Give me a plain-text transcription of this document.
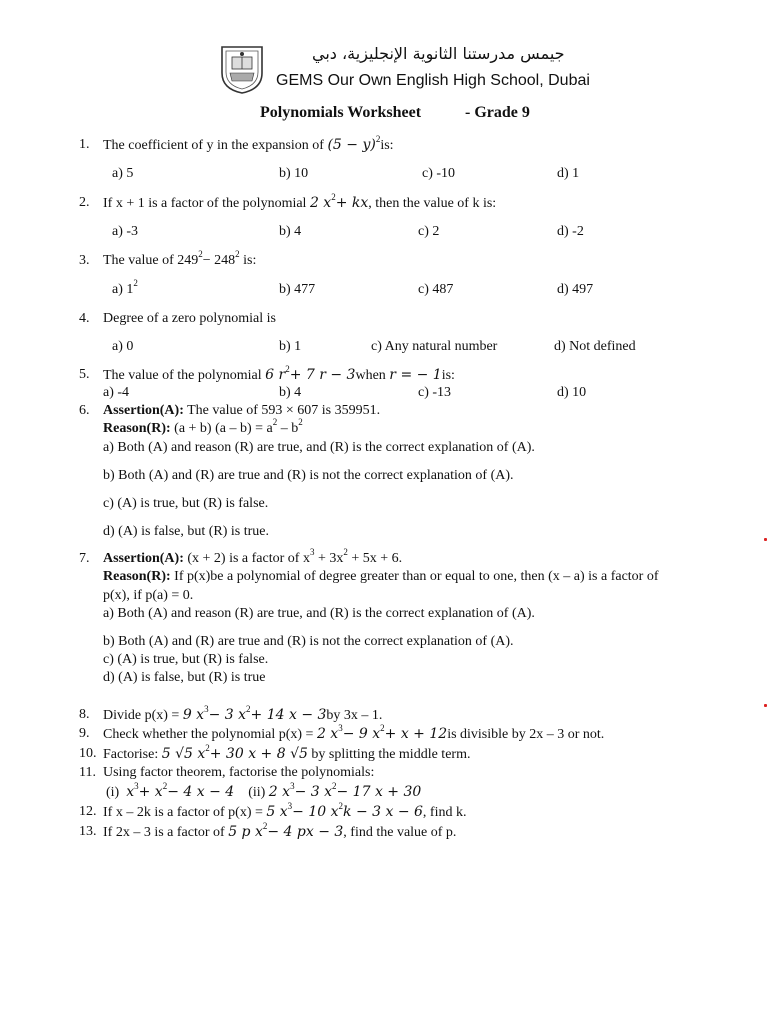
جيمس مدرستنا الثانوية الإنجليزية، دبي
GEMS Our Own English High School, Dubai
Polynomials Worksheet	- Grade 9
1. The coefficient of y in the expansion of $(5 - y)^2is$:
a) 5	b) 10	c) -10	d) 1
2. If x + 1 is a factor of the polynomial 2 $x^2+$ kx, then the value of k is:
a) -3	b) 4	c) 2	d) -2
3. The value of $249^2- 248^2$ is:
a) $1^2$	b) 477	c) 487	d) 497
4. Degree of a zero polynomial is
a) 0	b) 1	c) Any natural number	d) Not defined
5. The value of the polynomial 6 $r^2+ 7$ r − 3when r = − 1is:
a) -4	b) 4	c) -13	d) 10
6. Assertion(A): The value of 593 × 607 is 359951.
Reason(R): (a + b) $(a - b) = a^2 - b^2$
a) Both (A) and reason (R) are true, and (R) is the correct explanation of (A).
b) Both (A) and (R) are true and (R) is not the correct explanation of (A).
c) (A) is true, but (R) is false.
d) (A) is false, but (R) is true.
7. Assertion(A): (x + 2) is a factor of $x^3 + 3x^2 + 5x + 6$.
Reason(R): If p(x)be a polynomial of degree greater than or equal to one, then (x – a) is a factor of
p(x), if p(a) = 0.
a) Both (A) and reason (R) are true, and (R) is the correct explanation of (A).
b) Both (A) and (R) are true and (R) is not the correct explanation of (A).
c) (A) is true, but (R) is false.
d) (A) is false, but (R) is true
8. Divide p(x) = 9 $x^3- 3$ $x^2+ 14$ x − 3by 3x – 1.
9. Check whether the polynomial p(x) = 2 $x^3- 9$ $x^2+ x + 12is$ divisible by 2x – 3 or not.
10. Factorise: 5 √5 $x^2+ 30$ x + 8 √5 by splitting the middle term.
11. Using factor theorem, factorise the polynomials:
(i) $x^3+ x^2- 4$ x − 4 (ii) 2 $x^3- 3$ $x^2- 17$ x + 30
12. If x – 2k is a factor of p(x) = 5 $x^3- 10$ $x^2k - 3$ x − 6, find k.
13. If 2x – 3 is a factor of 5 p $x^2- 4$ px − 3, find the value of p.
